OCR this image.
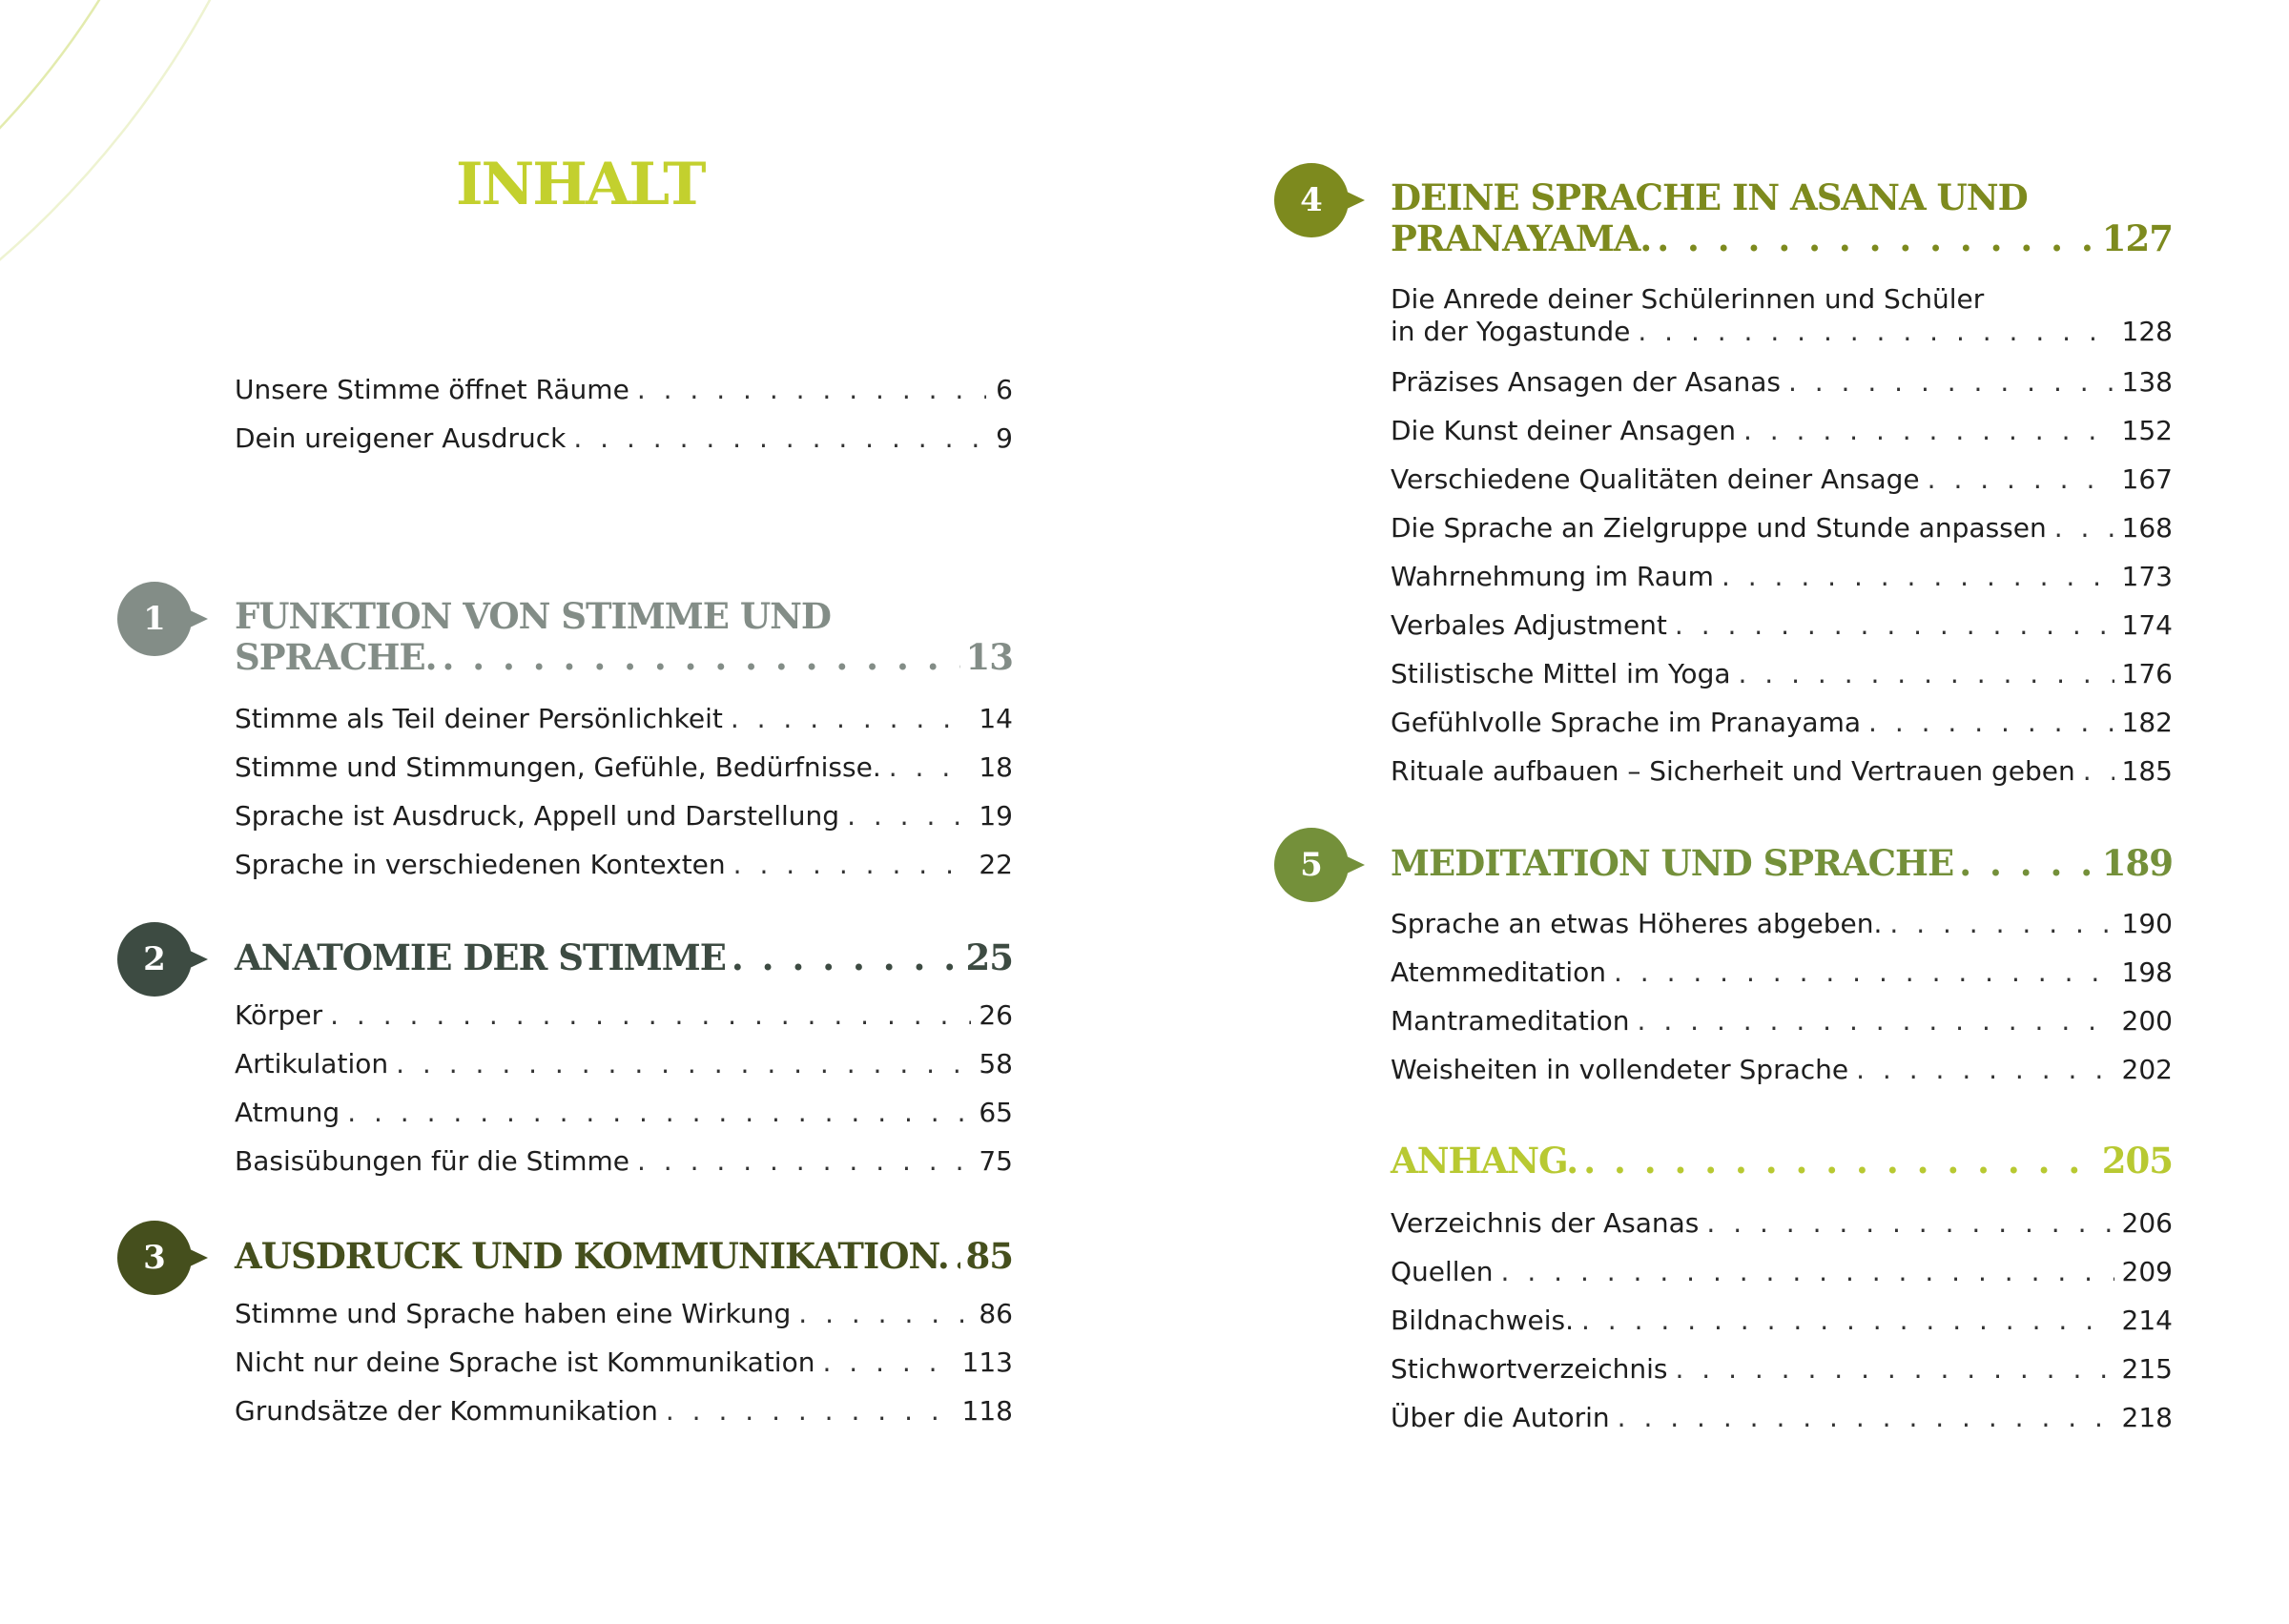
INHALT
Unsere Stimme öffnet Räume . . .	6
Dein ureigener Ausdruck . . .	9
1	FUNKTION VON STIMME UND
SPRACHE. . . .	13
Stimme als Teil deiner Persönlichkeit . . .	14
Stimme und Stimmungen, Gefühle, Bedürfnisse. . . .	18
Sprache ist Ausdruck, Appell und Darstellung . . .	19
Sprache in verschiedenen Kontexten . . .	22
2	ANATOMIE DER STIMME . . .	25
Körper . . .	26
Artikulation . . .	58
Atmung . . .	65
Basisübungen für die Stimme . . .	75
3	AUSDRUCK UND KOMMUNIKATION. . . . 85
Stimme und Sprache haben eine Wirkung . . .	86
Nicht nur deine Sprache ist Kommunikation . . .	113
Grundsätze der Kommunikation . . .	118
4	DEINE SPRACHE IN ASANA UND
PRANAYAMA. . . .	127
Die Anrede deiner Schülerinnen und Schüler
in der Yogastunde . . .	128
Präzises Ansagen der Asanas . . .	138
Die Kunst deiner Ansagen . . .	152
Verschiedene Qualitäten deiner Ansage . . .	167
Die Sprache an Zielgruppe und Stunde anpassen . . .	168
Wahrnehmung im Raum . . .	173
Verbales Adjustment . . .	174
Stilistische Mittel im Yoga . . .	176
Gefühlvolle Sprache im Pranayama . . .	182
Rituale aufbauen – Sicherheit und Vertrauen geben . . . 185
5	MEDITATION UND SPRACHE . . .	189
Sprache an etwas Höheres abgeben. . . .	190
Atemmeditation . . .	198
Mantrameditation . . .	200
Weisheiten in vollendeter Sprache . . .	202
ANHANG. . . .	205
Verzeichnis der Asanas . . .	206
Quellen . . .	209
Bildnachweis. . . .	214
Stichwortverzeichnis . . .	215
Über die Autorin . . .	218
